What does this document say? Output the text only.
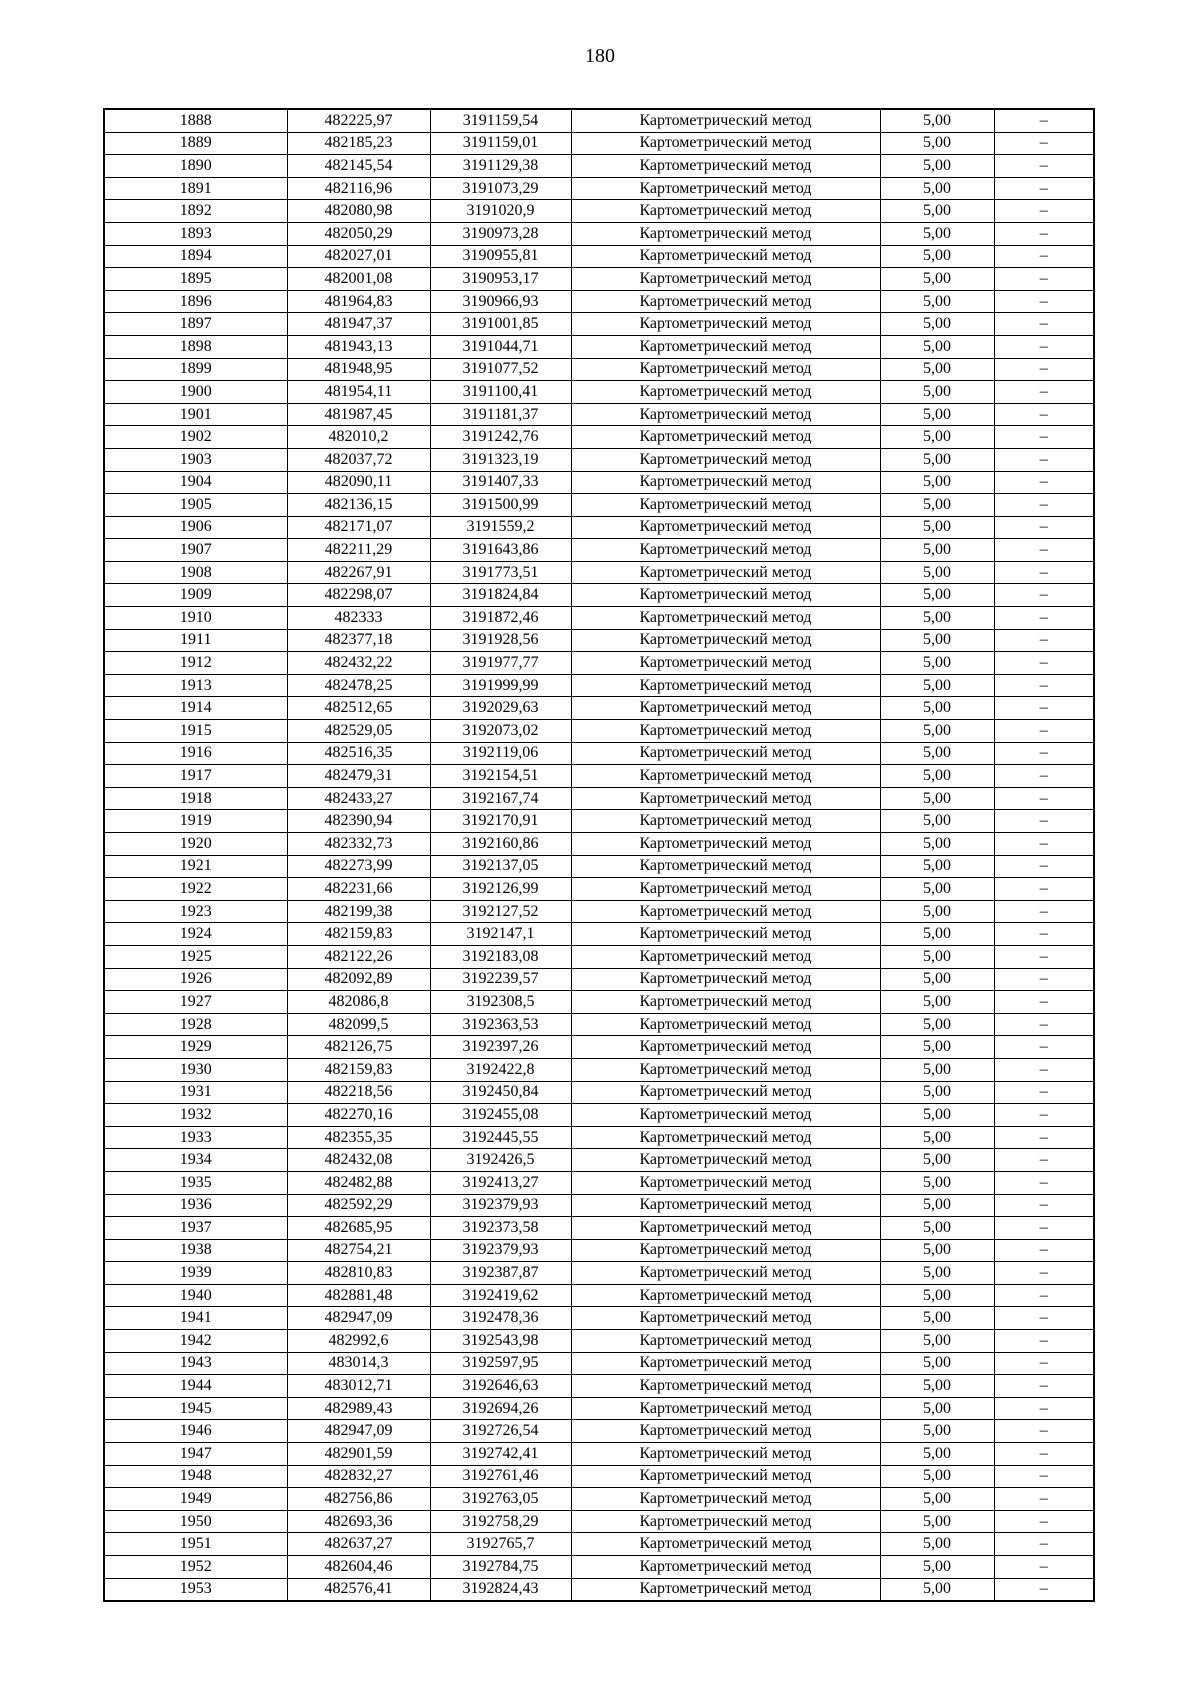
180
1888	482225,97	3191159,54	Картометрический метод	5,00	–
1889	482185,23	3191159,01	Картометрический метод	5,00	–
1890	482145,54	3191129,38	Картометрический метод	5,00	–
1891	482116,96	3191073,29	Картометрический метод	5,00	–
1892	482080,98	3191020,9	Картометрический метод	5,00	–
1893	482050,29	3190973,28	Картометрический метод	5,00	–
1894	482027,01	3190955,81	Картометрический метод	5,00	–
1895	482001,08	3190953,17	Картометрический метод	5,00	–
1896	481964,83	3190966,93	Картометрический метод	5,00	–
1897	481947,37	3191001,85	Картометрический метод	5,00	–
1898	481943,13	3191044,71	Картометрический метод	5,00	–
1899	481948,95	3191077,52	Картометрический метод	5,00	–
1900	481954,11	3191100,41	Картометрический метод	5,00	–
1901	481987,45	3191181,37	Картометрический метод	5,00	–
1902	482010,2	3191242,76	Картометрический метод	5,00	–
1903	482037,72	3191323,19	Картометрический метод	5,00	–
1904	482090,11	3191407,33	Картометрический метод	5,00	–
1905	482136,15	3191500,99	Картометрический метод	5,00	–
1906	482171,07	3191559,2	Картометрический метод	5,00	–
1907	482211,29	3191643,86	Картометрический метод	5,00	–
1908	482267,91	3191773,51	Картометрический метод	5,00	–
1909	482298,07	3191824,84	Картометрический метод	5,00	–
1910	482333	3191872,46	Картометрический метод	5,00	–
1911	482377,18	3191928,56	Картометрический метод	5,00	–
1912	482432,22	3191977,77	Картометрический метод	5,00	–
1913	482478,25	3191999,99	Картометрический метод	5,00	–
1914	482512,65	3192029,63	Картометрический метод	5,00	–
1915	482529,05	3192073,02	Картометрический метод	5,00	–
1916	482516,35	3192119,06	Картометрический метод	5,00	–
1917	482479,31	3192154,51	Картометрический метод	5,00	–
1918	482433,27	3192167,74	Картометрический метод	5,00	–
1919	482390,94	3192170,91	Картометрический метод	5,00	–
1920	482332,73	3192160,86	Картометрический метод	5,00	–
1921	482273,99	3192137,05	Картометрический метод	5,00	–
1922	482231,66	3192126,99	Картометрический метод	5,00	–
1923	482199,38	3192127,52	Картометрический метод	5,00	–
1924	482159,83	3192147,1	Картометрический метод	5,00	–
1925	482122,26	3192183,08	Картометрический метод	5,00	–
1926	482092,89	3192239,57	Картометрический метод	5,00	–
1927	482086,8	3192308,5	Картометрический метод	5,00	–
1928	482099,5	3192363,53	Картометрический метод	5,00	–
1929	482126,75	3192397,26	Картометрический метод	5,00	–
1930	482159,83	3192422,8	Картометрический метод	5,00	–
1931	482218,56	3192450,84	Картометрический метод	5,00	–
1932	482270,16	3192455,08	Картометрический метод	5,00	–
1933	482355,35	3192445,55	Картометрический метод	5,00	–
1934	482432,08	3192426,5	Картометрический метод	5,00	–
1935	482482,88	3192413,27	Картометрический метод	5,00	–
1936	482592,29	3192379,93	Картометрический метод	5,00	–
1937	482685,95	3192373,58	Картометрический метод	5,00	–
1938	482754,21	3192379,93	Картометрический метод	5,00	–
1939	482810,83	3192387,87	Картометрический метод	5,00	–
1940	482881,48	3192419,62	Картометрический метод	5,00	–
1941	482947,09	3192478,36	Картометрический метод	5,00	–
1942	482992,6	3192543,98	Картометрический метод	5,00	–
1943	483014,3	3192597,95	Картометрический метод	5,00	–
1944	483012,71	3192646,63	Картометрический метод	5,00	–
1945	482989,43	3192694,26	Картометрический метод	5,00	–
1946	482947,09	3192726,54	Картометрический метод	5,00	–
1947	482901,59	3192742,41	Картометрический метод	5,00	–
1948	482832,27	3192761,46	Картометрический метод	5,00	–
1949	482756,86	3192763,05	Картометрический метод	5,00	–
1950	482693,36	3192758,29	Картометрический метод	5,00	–
1951	482637,27	3192765,7	Картометрический метод	5,00	–
1952	482604,46	3192784,75	Картометрический метод	5,00	–
1953	482576,41	3192824,43	Картометрический метод	5,00	–
